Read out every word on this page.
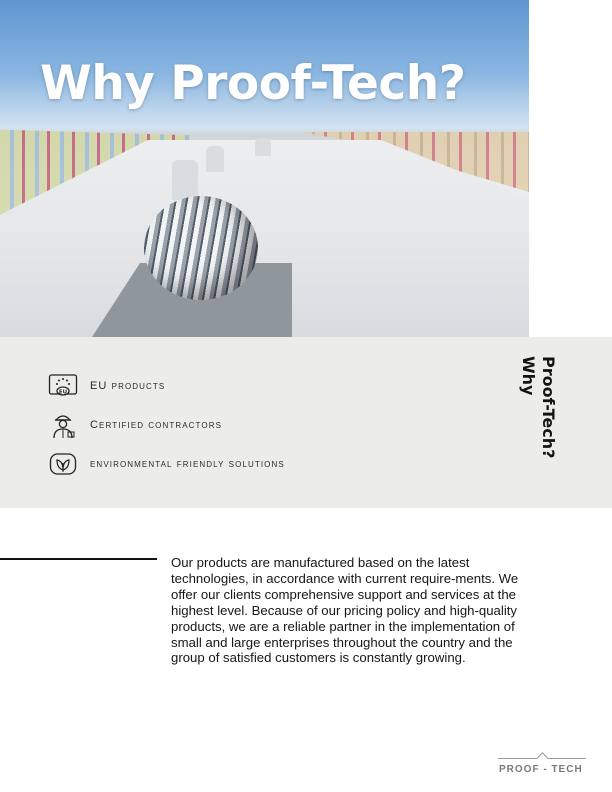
Why Proof-Tech?
EU
EU products
Certified contractors
environmental friendly solutions
Proof-Tech?
Why

Our products are manufactured based on the latest technologies, in accordance with current require-ments. We offer our clients comprehensive support and services at the highest level. Because of our pricing policy and high-quality products, we are a reliable partner in the implementation of small and large enterprises throughout the country and the group of satisfied customers is constantly growing.

PROOF - TECH
